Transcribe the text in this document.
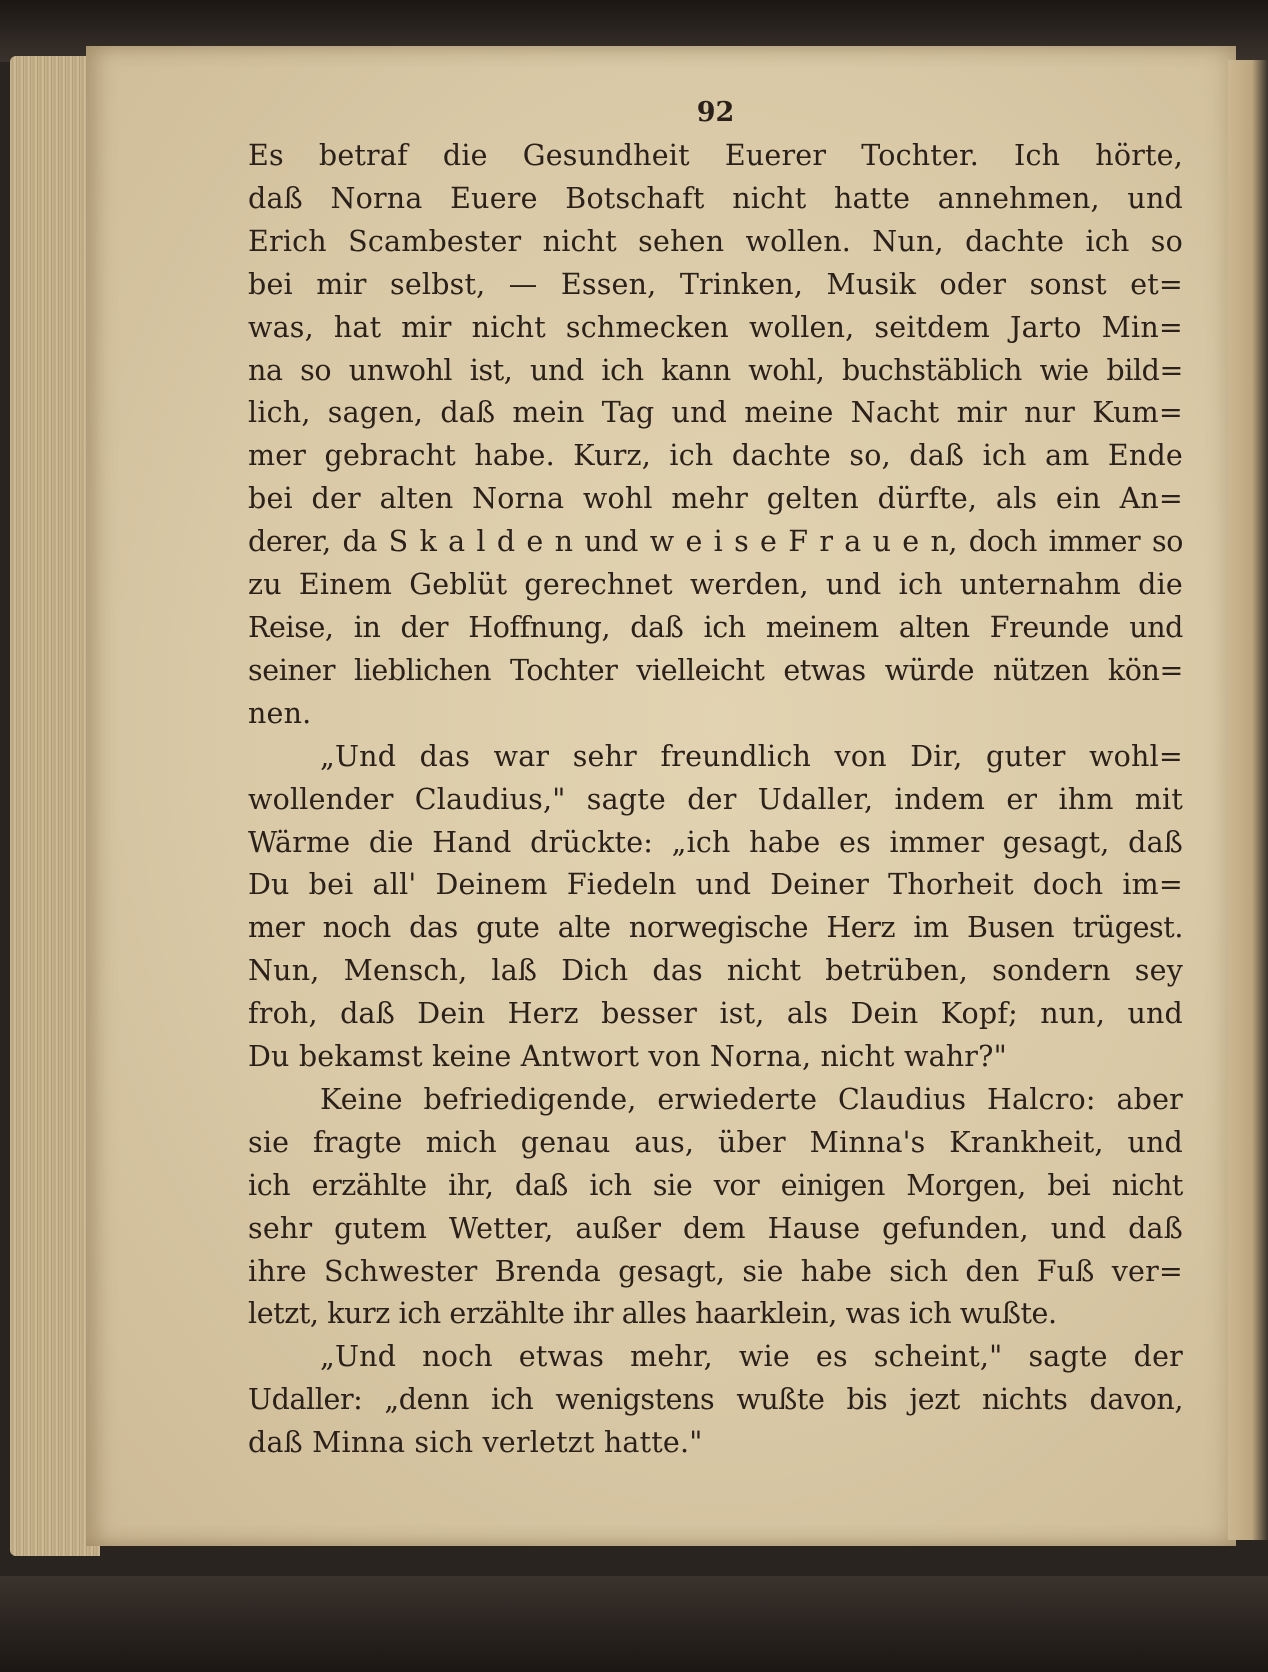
92
Es betraf die Gesundheit Euerer Tochter. Ich hörte,
daß Norna Euere Botschaft nicht hatte annehmen, und
Erich Scambester nicht sehen wollen. Nun, dachte ich so
bei mir selbst, — Essen, Trinken, Musik oder sonst et=
was, hat mir nicht schmecken wollen, seitdem Jarto Min=
na so unwohl ist, und ich kann wohl, buchstäblich wie bild=
lich, sagen, daß mein Tag und meine Nacht mir nur Kum=
mer gebracht habe. Kurz, ich dachte so, daß ich am Ende
bei der alten Norna wohl mehr gelten dürfte, als ein An=
derer, da S k a l d e n und w e i s e F r a u e n, doch immer so
zu Einem Geblüt gerechnet werden, und ich unternahm die
Reise, in der Hoffnung, daß ich meinem alten Freunde und
seiner lieblichen Tochter vielleicht etwas würde nützen kön=
nen.
„Und das war sehr freundlich von Dir, guter wohl=
wollender Claudius," sagte der Udaller, indem er ihm mit
Wärme die Hand drückte: „ich habe es immer gesagt, daß
Du bei all' Deinem Fiedeln und Deiner Thorheit doch im=
mer noch das gute alte norwegische Herz im Busen trügest.
Nun, Mensch, laß Dich das nicht betrüben, sondern sey
froh, daß Dein Herz besser ist, als Dein Kopf; nun, und
Du bekamst keine Antwort von Norna, nicht wahr?"
Keine befriedigende, erwiederte Claudius Halcro: aber
sie fragte mich genau aus, über Minna's Krankheit, und
ich erzählte ihr, daß ich sie vor einigen Morgen, bei nicht
sehr gutem Wetter, außer dem Hause gefunden, und daß
ihre Schwester Brenda gesagt, sie habe sich den Fuß ver=
letzt, kurz ich erzählte ihr alles haarklein, was ich wußte.
„Und noch etwas mehr, wie es scheint," sagte der
Udaller: „denn ich wenigstens wußte bis jezt nichts davon,
daß Minna sich verletzt hatte."
